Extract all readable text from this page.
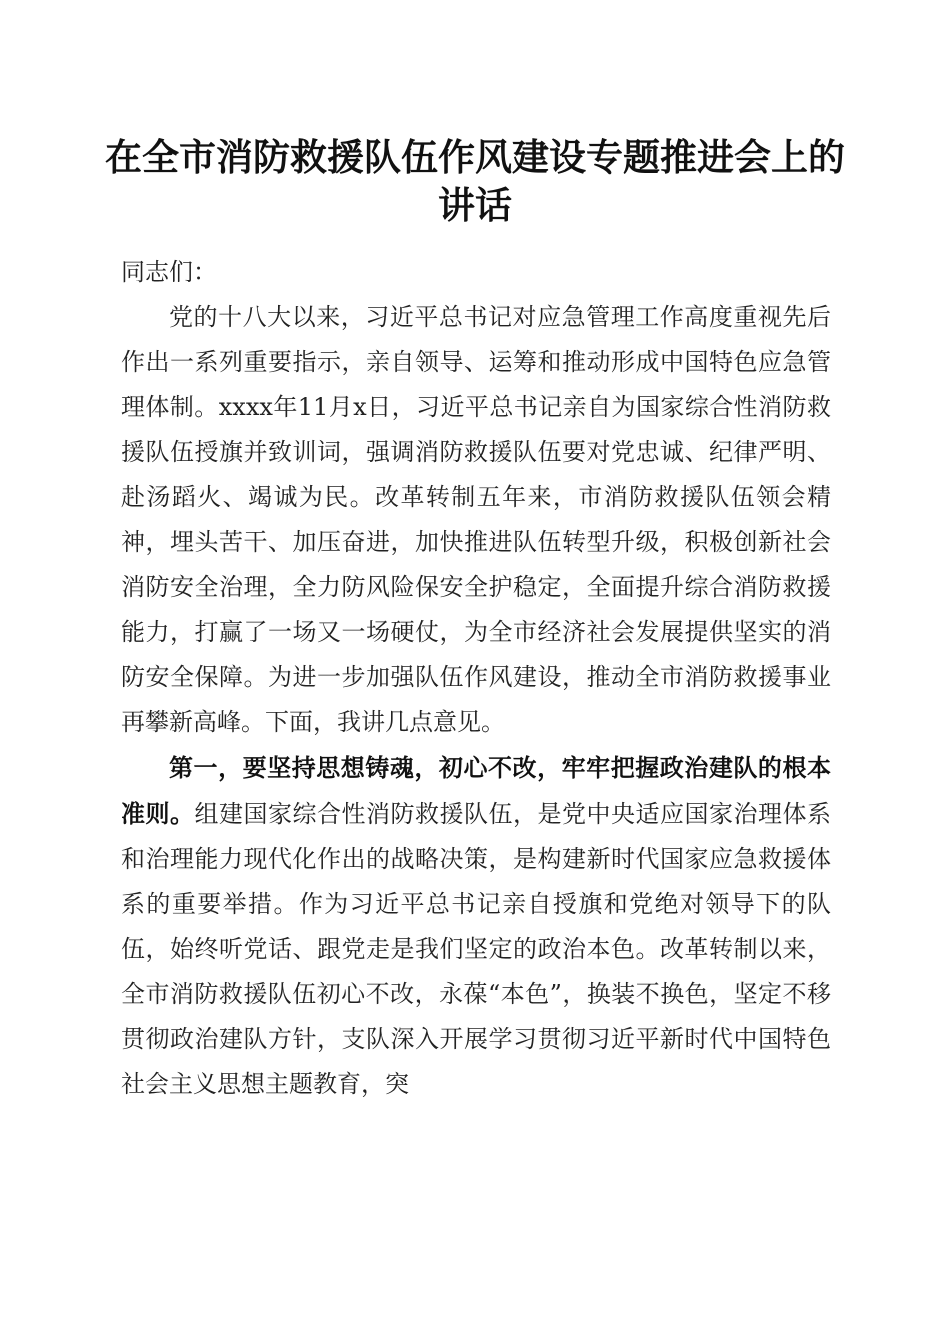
在全市消防救援队伍作风建设专题推进会上的
讲话

同志们：

党的十八大以来，习近平总书记对应急管理工作高度重视先后作出一系列重要指示，亲自领导、运筹和推动形成中国特色应急管理体制。xxxx年11月x日，习近平总书记亲自为国家综合性消防救援队伍授旗并致训词，强调消防救援队伍要对党忠诚、纪律严明、赴汤蹈火、竭诚为民。改革转制五年来，市消防救援队伍领会精神，埋头苦干、加压奋进，加快推进队伍转型升级，积极创新社会消防安全治理，全力防风险保安全护稳定，全面提升综合消防救援能力，打赢了一场又一场硬仗，为全市经济社会发展提供坚实的消防安全保障。为进一步加强队伍作风建设，推动全市消防救援事业再攀新高峰。下面，我讲几点意见。

第一，要坚持思想铸魂，初心不改，牢牢把握政治建队的根本准则。组建国家综合性消防救援队伍，是党中央适应国家治理体系和治理能力现代化作出的战略决策，是构建新时代国家应急救援体系的重要举措。作为习近平总书记亲自授旗和党绝对领导下的队伍，始终听党话、跟党走是我们坚定的政治本色。改革转制以来，全市消防救援队伍初心不改，永葆“本色”，换装不换色，坚定不移贯彻政治建队方针，支队深入开展学习贯彻习近平新时代中国特色社会主义思想主题教育，突
